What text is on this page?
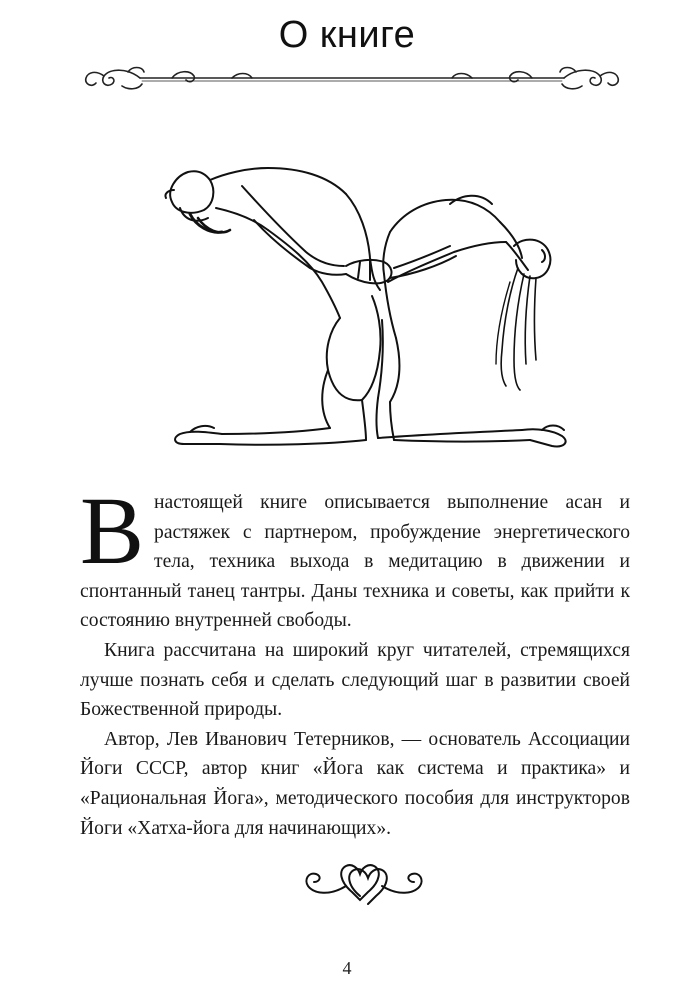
О книге

Внастоящей книге описывается выполнение асан и растяжек с партнером, пробуждение энергетического тела, техника выхода в медитацию в движении и спонтанный танец тантры. Даны техника и советы, как прийти к состоянию внутренней свободы.

Книга рассчитана на широкий круг читателей, стремящихся лучше познать себя и сделать следующий шаг в развитии своей Божественной природы.

Автор, Лев Иванович Тетерников, — основатель Ассоциации Йоги СССР, автор книг «Йога как система и практика» и «Рациональная Йога», методического пособия для инструкторов Йоги «Хатха-йога для начинающих».

4
